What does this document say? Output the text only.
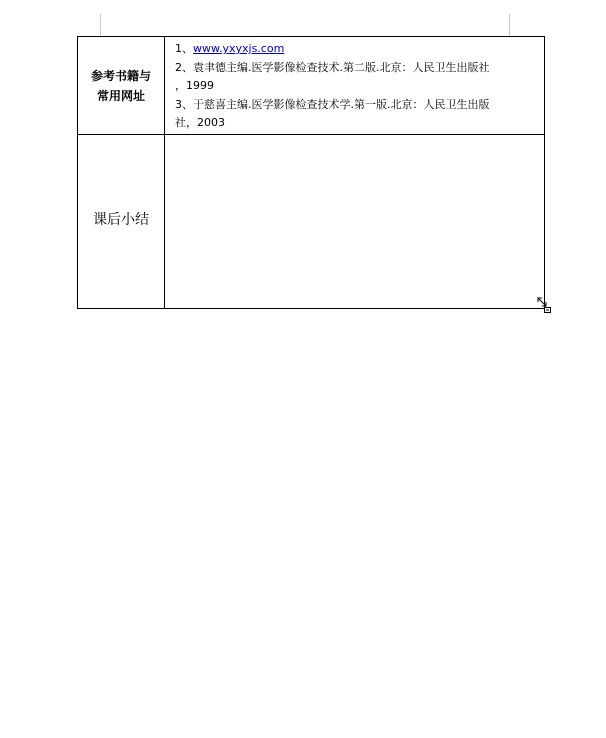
参考书籍与
常用网址	1、www.yxyxjs.com
2、袁聿德主编.医学影像检查技术.第二版.北京：人民卫生出版社
，1999
3、于慈喜主编.医学影像检查技术学.第一版.北京：人民卫生出版
社，2003

课后小结	
